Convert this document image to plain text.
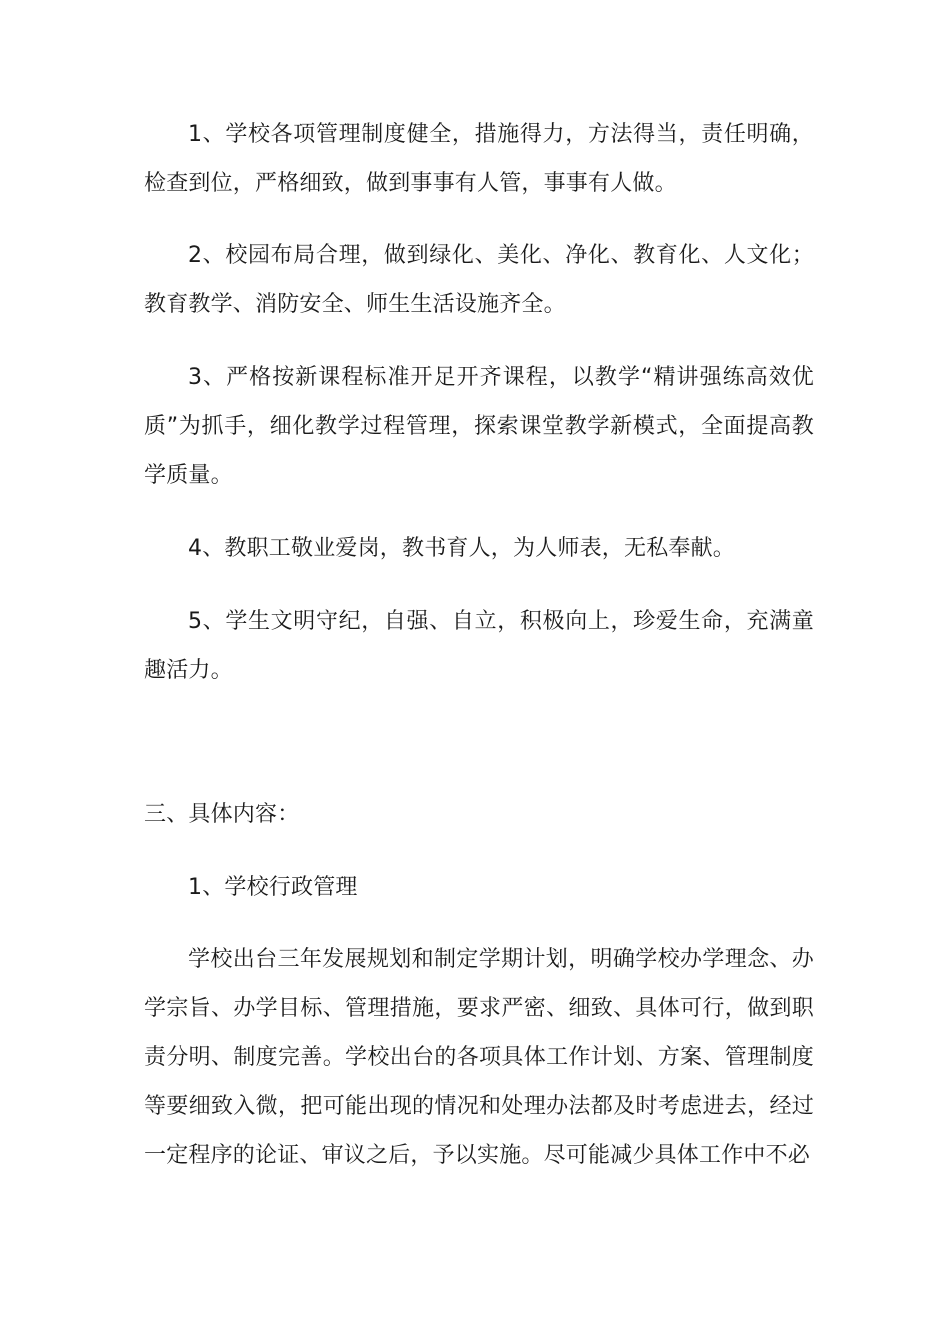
1、学校各项管理制度健全，措施得力，方法得当，责任明确，检查到位，严格细致，做到事事有人管，事事有人做。

2、校园布局合理，做到绿化、美化、净化、教育化、人文化；教育教学、消防安全、师生生活设施齐全。

3、严格按新课程标准开足开齐课程，以教学“精讲强练高效优质”为抓手，细化教学过程管理，探索课堂教学新模式，全面提高教学质量。

4、教职工敬业爱岗，教书育人，为人师表，无私奉献。

5、学生文明守纪，自强、自立，积极向上，珍爱生命，充满童趣活力。

三、具体内容：

1、学校行政管理

学校出台三年发展规划和制定学期计划，明确学校办学理念、办学宗旨、办学目标、管理措施，要求严密、细致、具体可行，做到职责分明、制度完善。学校出台的各项具体工作计划、方案、管理制度等要细致入微，把可能出现的情况和处理办法都及时考虑进去，经过一定程序的论证、审议之后，予以实施。尽可能减少具体工作中不必
